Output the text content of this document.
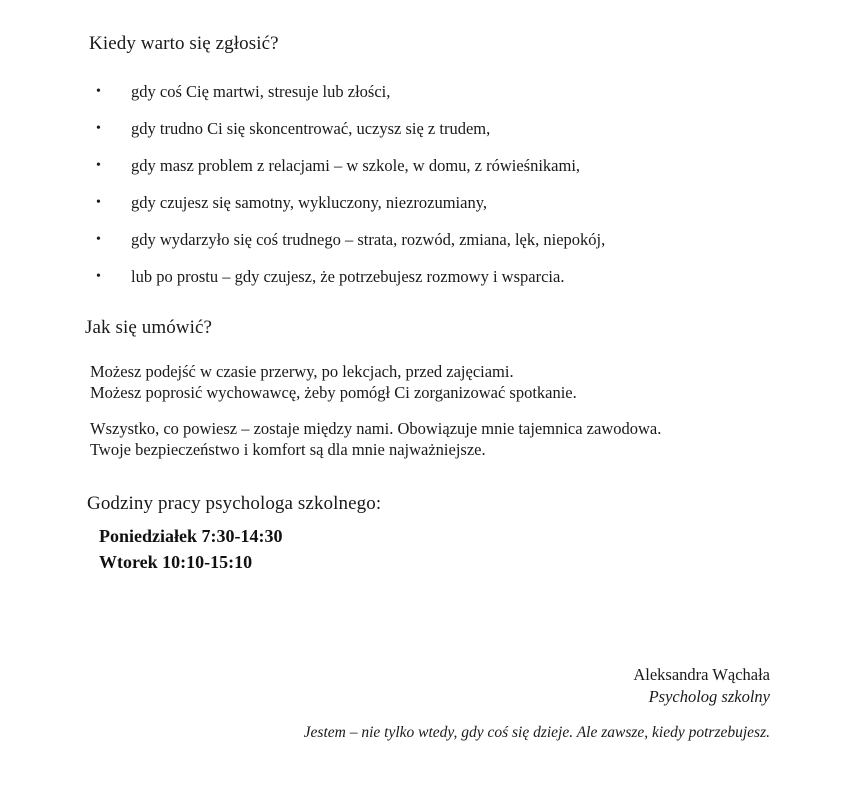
Kiedy warto się zgłosić?
•	gdy coś Cię martwi, stresuje lub złości,
•	gdy trudno Ci się skoncentrować, uczysz się z trudem,
•	gdy masz problem z relacjami – w szkole, w domu, z rówieśnikami,
•	gdy czujesz się samotny, wykluczony, niezrozumiany,
•	gdy wydarzyło się coś trudnego – strata, rozwód, zmiana, lęk, niepokój,
•	lub po prostu – gdy czujesz, że potrzebujesz rozmowy i wsparcia.
Jak się umówić?
Możesz podejść w czasie przerwy, po lekcjach, przed zajęciami.
Możesz poprosić wychowawcę, żeby pomógł Ci zorganizować spotkanie.
Wszystko, co powiesz – zostaje między nami. Obowiązuje mnie tajemnica zawodowa.
Twoje bezpieczeństwo i komfort są dla mnie najważniejsze.
Godziny pracy psychologa szkolnego:
Poniedziałek 7:30-14:30
Wtorek 10:10-15:10
Aleksandra Wąchała
Psycholog szkolny
Jestem – nie tylko wtedy, gdy coś się dzieje. Ale zawsze, kiedy potrzebujesz.
